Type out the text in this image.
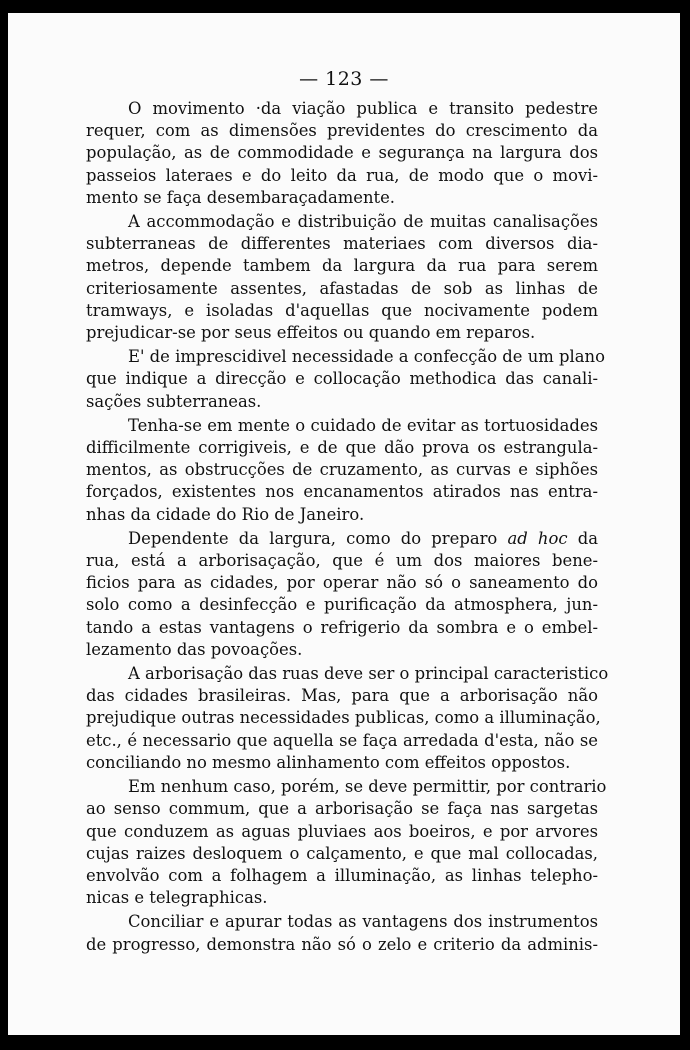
— 123 —
O movimento ·da viação publica e transito pedestre
requer, com as dimensões previdentes do crescimento da
população, as de commodidade e segurança na largura dos
passeios lateraes e do leito da rua, de modo que o movi-
mento se faça desembaraçadamente.
A accommodação e distribuição de muitas canalisações
subterraneas de differentes materiaes com diversos dia-
metros, depende tambem da largura da rua para serem
criteriosamente assentes, afastadas de sob as linhas de
tramways, e isoladas d'aquellas que nocivamente podem
prejudicar-se por seus effeitos ou quando em reparos.
E' de imprescidivel necessidade a confecção de um plano
que indique a direcção e collocação methodica das canali-
sações subterraneas.
Tenha-se em mente o cuidado de evitar as tortuosidades
difficilmente corrigiveis, e de que dão prova os estrangula-
mentos, as obstrucções de cruzamento, as curvas e siphões
forçados, existentes nos encanamentos atirados nas entra-
nhas da cidade do Rio de Janeiro.
Dependente da largura, como do preparo ad hoc da
rua, está a arborisaçação, que é um dos maiores bene-
ficios para as cidades, por operar não só o saneamento do
solo como a desinfecção e purificação da atmosphera, jun-
tando a estas vantagens o refrigerio da sombra e o embel-
lezamento das povoações.
A arborisação das ruas deve ser o principal caracteristico
das cidades brasileiras. Mas, para que a arborisação não
prejudique outras necessidades publicas, como a illuminação,
etc., é necessario que aquella se faça arredada d'esta, não se
conciliando no mesmo alinhamento com effeitos oppostos.
Em nenhum caso, porém, se deve permittir, por contrario
ao senso commum, que a arborisação se faça nas sargetas
que conduzem as aguas pluviaes aos boeiros, e por arvores
cujas raizes desloquem o calçamento, e que mal collocadas,
envolvão com a folhagem a illuminação, as linhas telepho-
nicas e telegraphicas.
Conciliar e apurar todas as vantagens dos instrumentos
de progresso, demonstra não só o zelo e criterio da adminis-
